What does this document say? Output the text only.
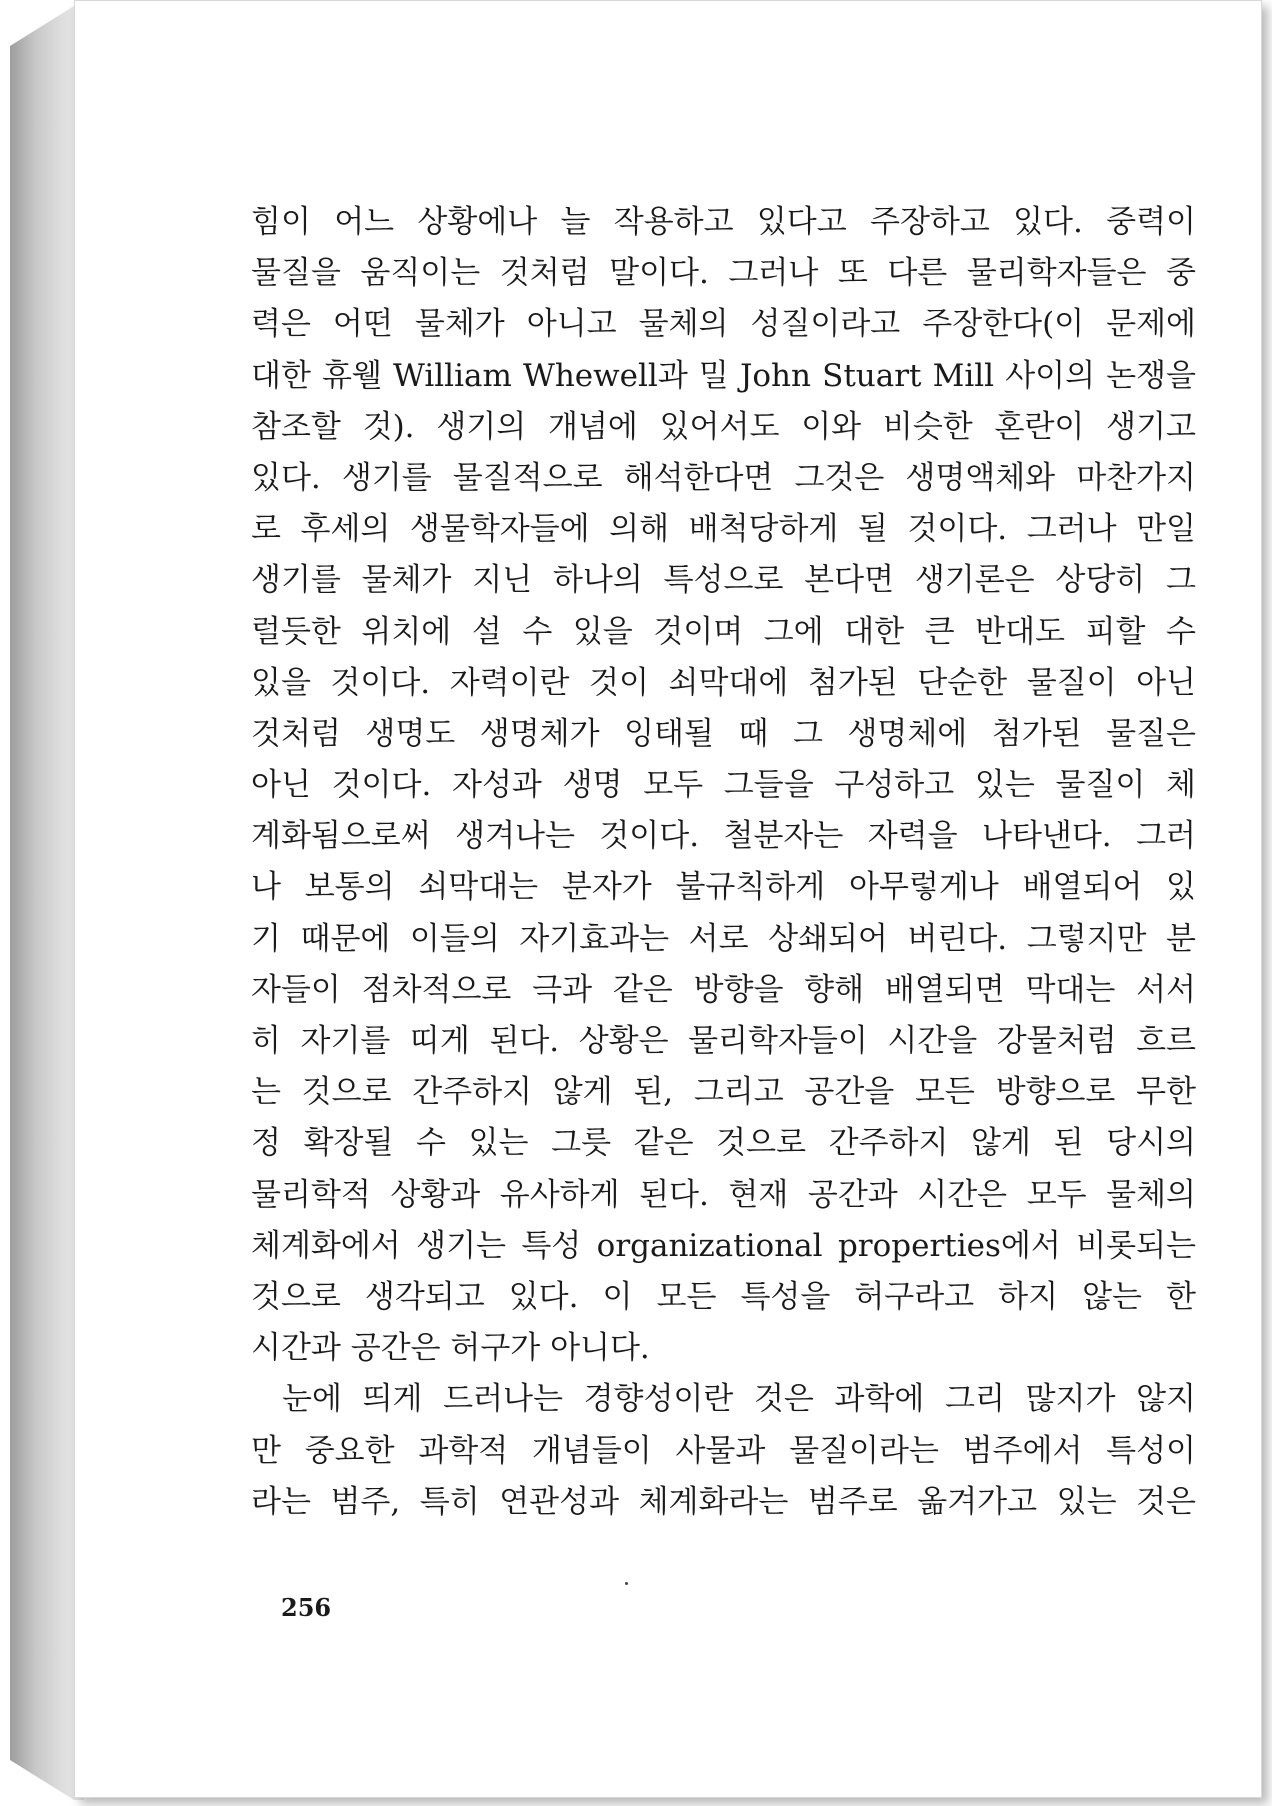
힘이 어느 상황에나 늘 작용하고 있다고 주장하고 있다. 중력이
물질을 움직이는 것처럼 말이다. 그러나 또 다른 물리학자들은 중
력은 어떤 물체가 아니고 물체의 성질이라고 주장한다(이 문제에
대한 휴웰 William Whewell과 밀 John Stuart Mill 사이의 논쟁을
참조할 것). 생기의 개념에 있어서도 이와 비슷한 혼란이 생기고
있다. 생기를 물질적으로 해석한다면 그것은 생명액체와 마찬가지
로 후세의 생물학자들에 의해 배척당하게 될 것이다. 그러나 만일
생기를 물체가 지닌 하나의 특성으로 본다면 생기론은 상당히 그
럴듯한 위치에 설 수 있을 것이며 그에 대한 큰 반대도 피할 수
있을 것이다. 자력이란 것이 쇠막대에 첨가된 단순한 물질이 아닌
것처럼 생명도 생명체가 잉태될 때 그 생명체에 첨가된 물질은
아닌 것이다. 자성과 생명 모두 그들을 구성하고 있는 물질이 체
계화됨으로써 생겨나는 것이다. 철분자는 자력을 나타낸다. 그러
나 보통의 쇠막대는 분자가 불규칙하게 아무렇게나 배열되어 있
기 때문에 이들의 자기효과는 서로 상쇄되어 버린다. 그렇지만 분
자들이 점차적으로 극과 같은 방향을 향해 배열되면 막대는 서서
히 자기를 띠게 된다. 상황은 물리학자들이 시간을 강물처럼 흐르
는 것으로 간주하지 않게 된, 그리고 공간을 모든 방향으로 무한
정 확장될 수 있는 그릇 같은 것으로 간주하지 않게 된 당시의
물리학적 상황과 유사하게 된다. 현재 공간과 시간은 모두 물체의
체계화에서 생기는 특성 organizational properties에서 비롯되는
것으로 생각되고 있다. 이 모든 특성을 허구라고 하지 않는 한
시간과 공간은 허구가 아니다.
눈에 띄게 드러나는 경향성이란 것은 과학에 그리 많지가 않지
만 중요한 과학적 개념들이 사물과 물질이라는 범주에서 특성이
라는 범주, 특히 연관성과 체계화라는 범주로 옮겨가고 있는 것은
256
